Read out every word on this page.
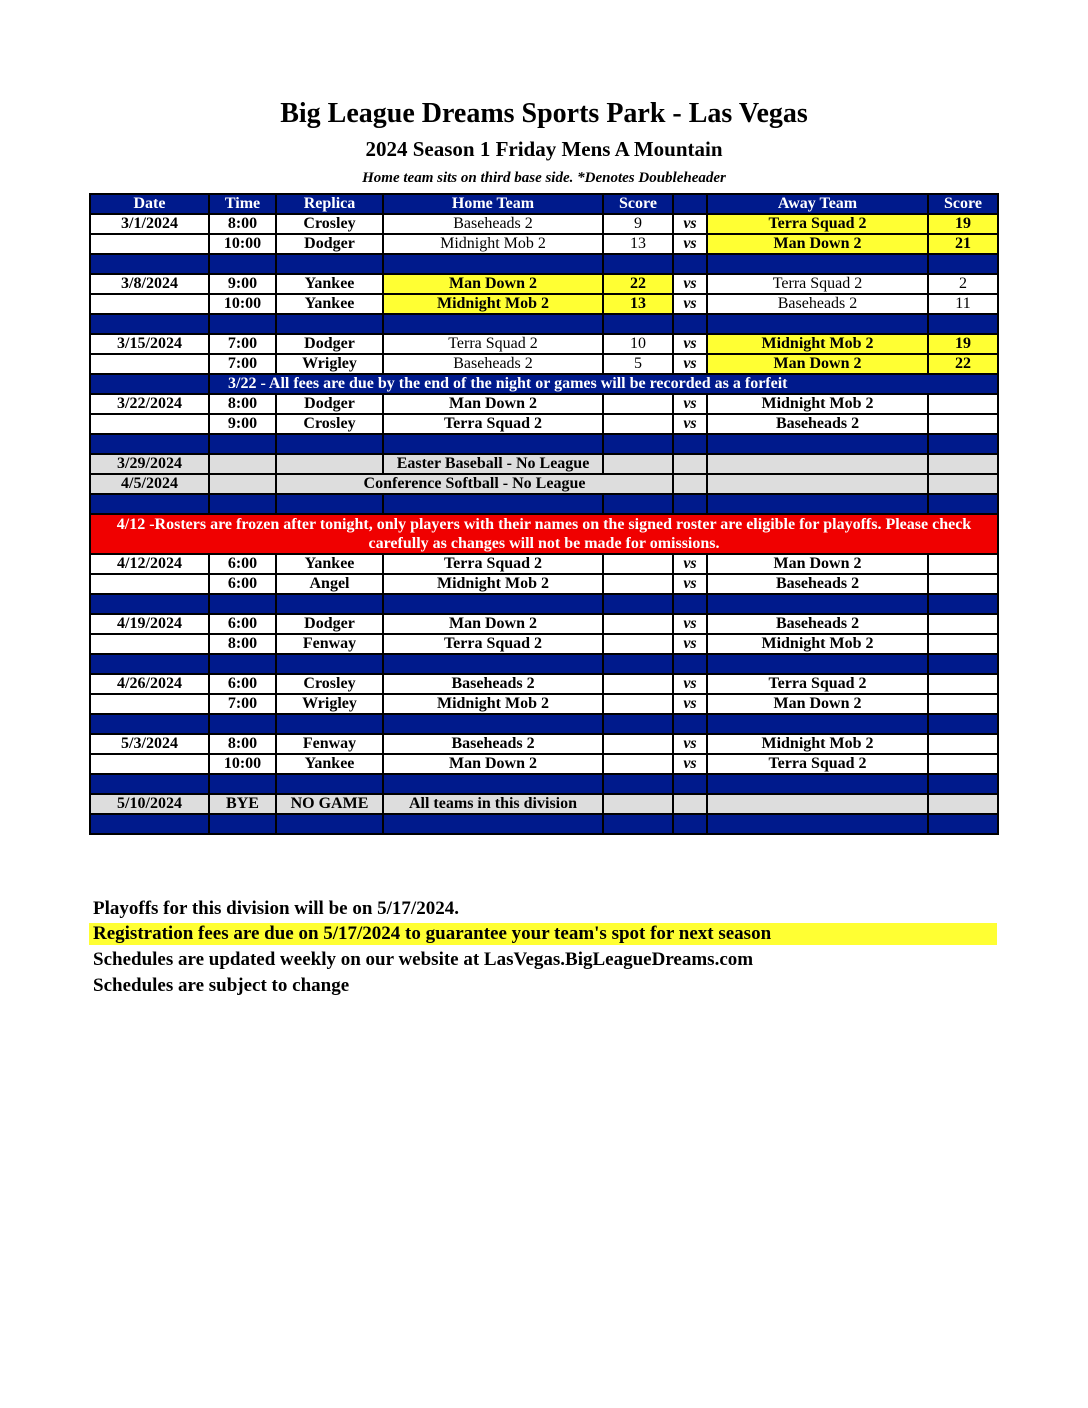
Big League Dreams Sports Park - Las Vegas
2024 Season 1 Friday Mens A Mountain
Home team sits on third base side. *Denotes Doubleheader
Date	Time	Replica	Home Team	Score		Away Team	Score
3/1/2024	8:00	Crosley	Baseheads 2	9	vs	Terra Squad 2	19
	10:00	Dodger	Midnight Mob 2	13	vs	Man Down 2	21

3/8/2024	9:00	Yankee	Man Down 2	22	vs	Terra Squad 2	2
	10:00	Yankee	Midnight Mob 2	13	vs	Baseheads 2	11

3/15/2024	7:00	Dodger	Terra Squad 2	10	vs	Midnight Mob 2	19
	7:00	Wrigley	Baseheads 2	5	vs	Man Down 2	22
	3/22 - All fees are due by the end of the night or games will be recorded as a forfeit						
3/22/2024	8:00	Dodger	Man Down 2		vs	Midnight Mob 2	
	9:00	Crosley	Terra Squad 2		vs	Baseheads 2	

3/29/2024			Easter Baseball - No League				
4/5/2024		Conference Softball - No League					

4/12 -Rosters are frozen after tonight, only players with their names on the signed roster are eligible for playoffs. Please check carefully as changes will not be made for omissions.							
4/12/2024	6:00	Yankee	Terra Squad 2		vs	Man Down 2	
	6:00	Angel	Midnight Mob 2		vs	Baseheads 2	

4/19/2024	6:00	Dodger	Man Down 2		vs	Baseheads 2	
	8:00	Fenway	Terra Squad 2		vs	Midnight Mob 2	

4/26/2024	6:00	Crosley	Baseheads 2		vs	Terra Squad 2	
	7:00	Wrigley	Midnight Mob 2		vs	Man Down 2	

5/3/2024	8:00	Fenway	Baseheads 2		vs	Midnight Mob 2	
	10:00	Yankee	Man Down 2		vs	Terra Squad 2	

5/10/2024	BYE	NO GAME	All teams in this division				

Playoffs for this division will be on 5/17/2024.
Registration fees are due on 5/17/2024 to guarantee your team's spot for next season
Schedules are updated weekly on our website at LasVegas.BigLeagueDreams.com
Schedules are subject to change
